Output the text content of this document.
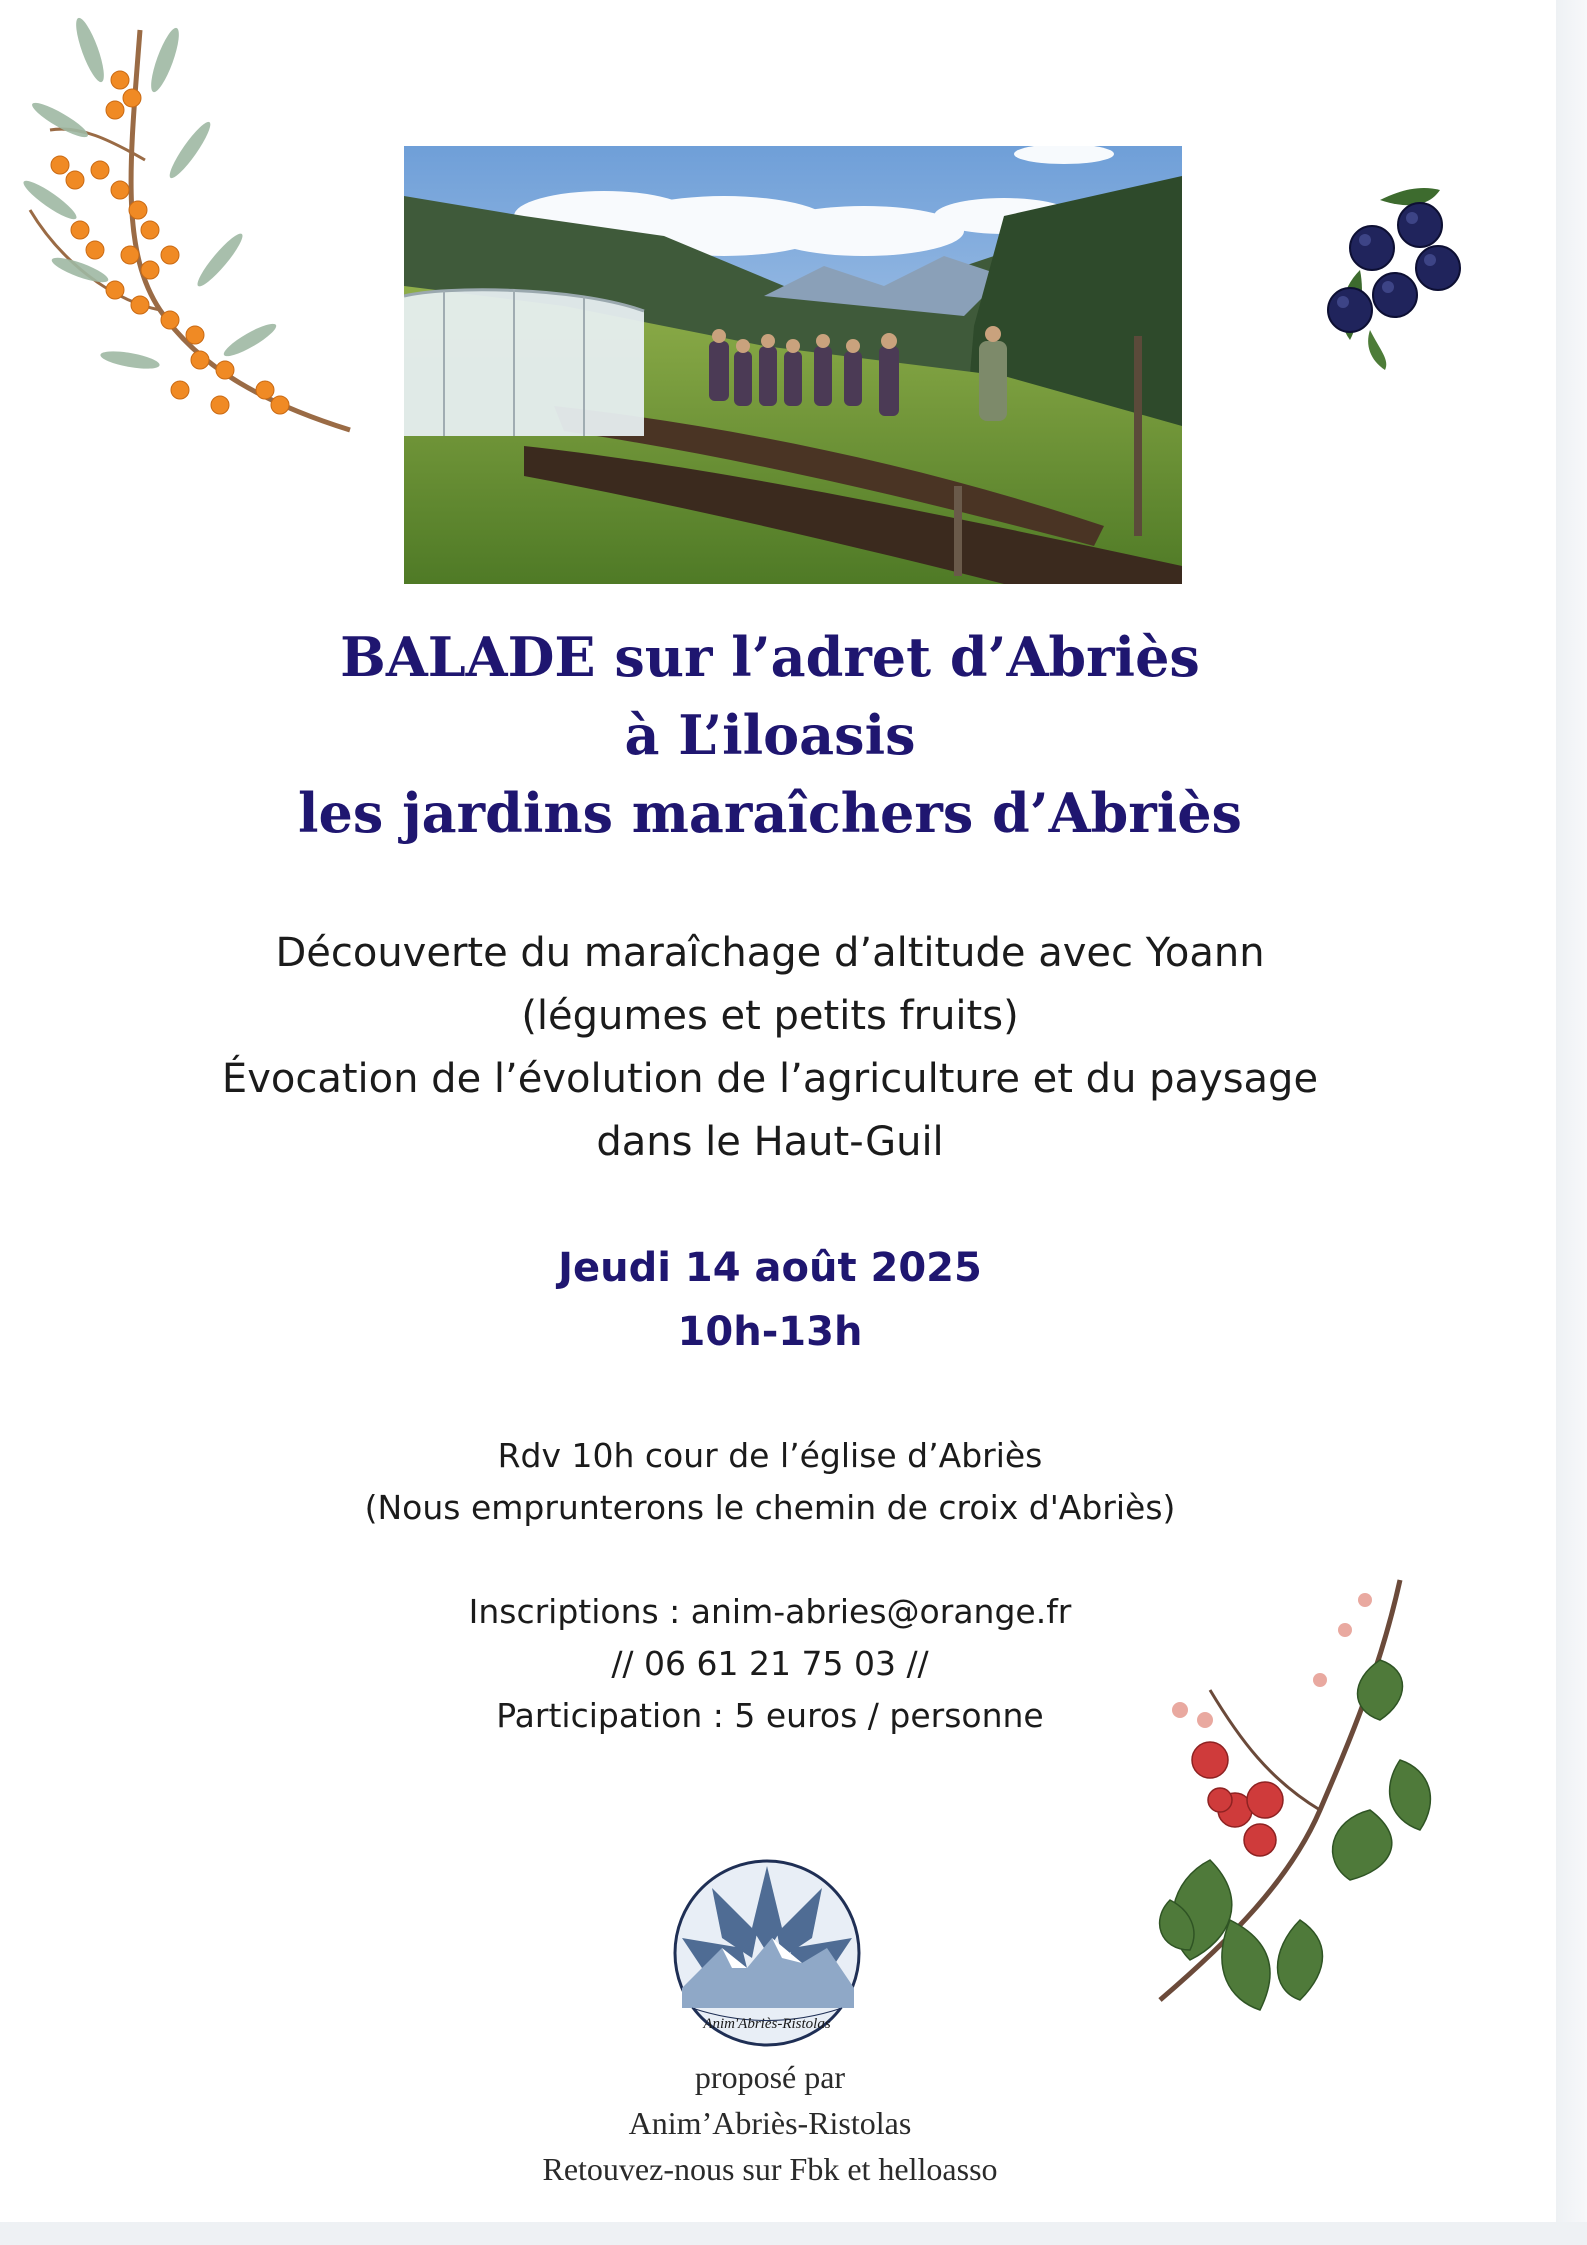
BALADE sur l’adret d’Abriès
à L’iloasis
les jardins maraîchers d’Abriès
Découverte du maraîchage d’altitude avec Yoann
(légumes et petits fruits)
Évocation de l’évolution de l’agriculture et du paysage
dans le Haut-Guil
Jeudi 14 août 2025
10h-13h
Rdv 10h cour de l’église d’Abriès
(Nous emprunterons le chemin de croix d'Abriès)
Inscriptions : anim-abries@orange.fr
// 06 61 21 75 03 //
Participation : 5 euros / personne
Anim'Abriès-Ristolas
proposé par
Anim’Abriès-Ristolas
Retouvez-nous sur Fbk et helloasso
